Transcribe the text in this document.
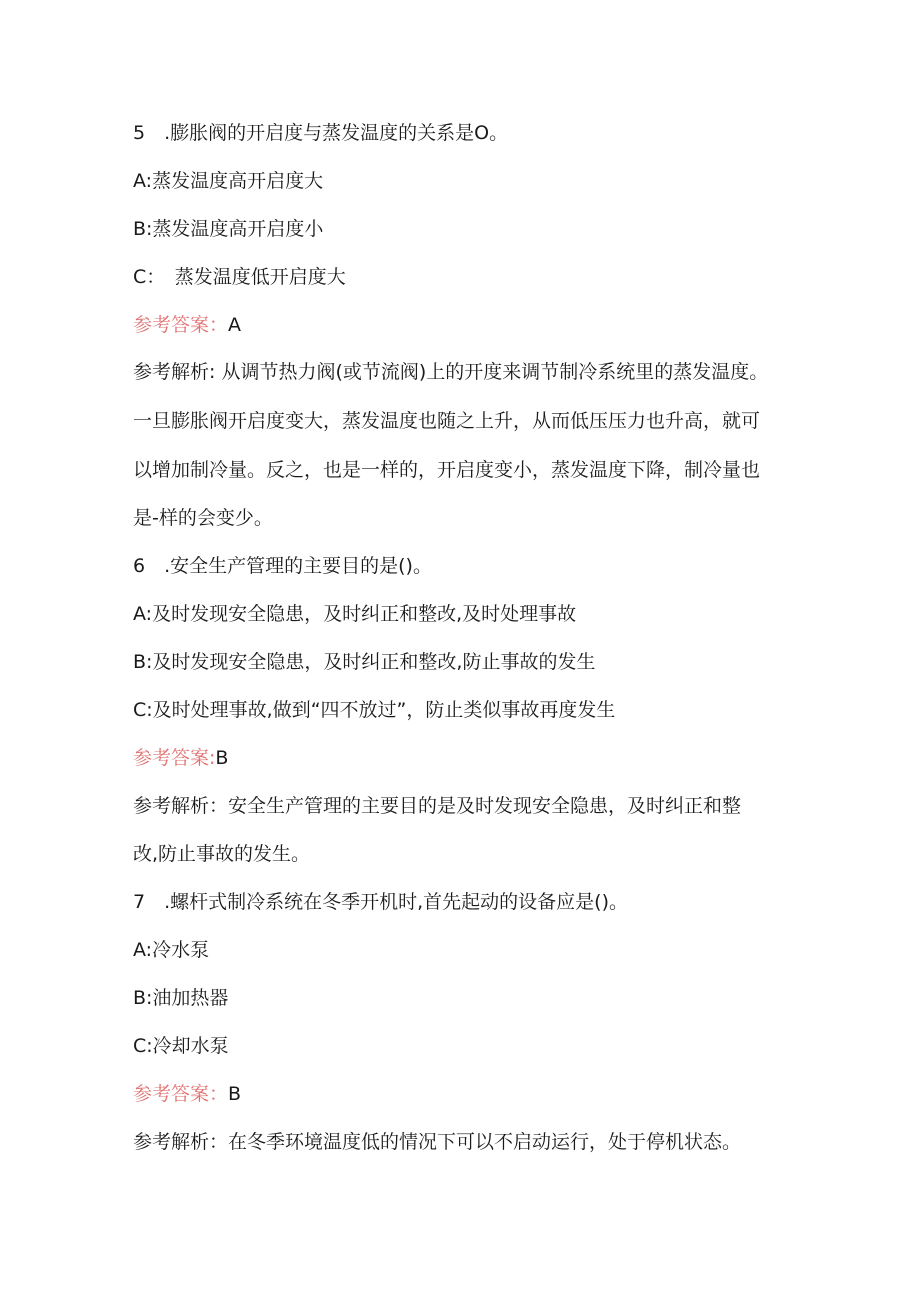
5 .膨胀阀的开启度与蒸发温度的关系是O。

A:蒸发温度高开启度大

B:蒸发温度高开启度小

C： 蒸发温度低开启度大

参考答案：A

参考解析: 从调节热力阀(或节流阀)上的开度来调节制冷系统里的蒸发温度。

一旦膨胀阀开启度变大，蒸发温度也随之上升，从而低压压力也升高，就可

以增加制冷量。反之，也是一样的，开启度变小，蒸发温度下降，制冷量也

是-样的会变少。

6 .安全生产管理的主要目的是()。

A:及时发现安全隐患，及时纠正和整改,及时处理事故

B:及时发现安全隐患，及时纠正和整改,防止事故的发生

C:及时处理事故,做到“四不放过”，防止类似事故再度发生

参考答案:B

参考解析：安全生产管理的主要目的是及时发现安全隐患，及时纠正和整

改,防止事故的发生。

7 .螺杆式制冷系统在冬季开机时,首先起动的设备应是()。

A:冷水泵

B:油加热器

C:冷却水泵

参考答案：B

参考解析：在冬季环境温度低的情况下可以不启动运行，处于停机状态。
